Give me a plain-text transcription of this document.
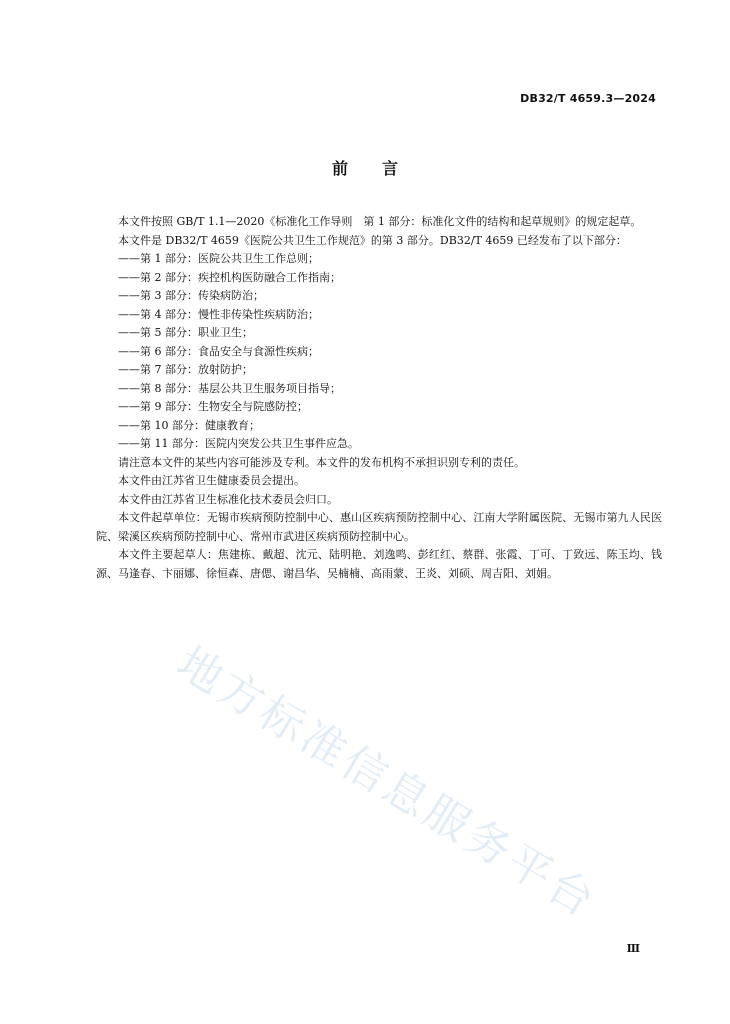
DB32/T 4659.3—2024
前言

本文件按照 GB/T 1.1—2020《标准化工作导则　第 1 部分：标准化文件的结构和起草规则》的规定起草。

本文件是 DB32/T 4659《医院公共卫生工作规范》的第 3 部分。DB32/T 4659 已经发布了以下部分：

——第 1 部分：医院公共卫生工作总则；
——第 2 部分：疾控机构医防融合工作指南；
——第 3 部分：传染病防治；
——第 4 部分：慢性非传染性疾病防治；
——第 5 部分：职业卫生；
——第 6 部分：食品安全与食源性疾病；
——第 7 部分：放射防护；
——第 8 部分：基层公共卫生服务项目指导；
——第 9 部分：生物安全与院感防控；
——第 10 部分：健康教育；
——第 11 部分：医院内突发公共卫生事件应急。

请注意本文件的某些内容可能涉及专利。本文件的发布机构不承担识别专利的责任。

本文件由江苏省卫生健康委员会提出。

本文件由江苏省卫生标准化技术委员会归口。

本文件起草单位：无锡市疾病预防控制中心、惠山区疾病预防控制中心、江南大学附属医院、无锡市第九人民医院、梁溪区疾病预防控制中心、常州市武进区疾病预防控制中心。

本文件主要起草人：焦建栋、戴超、沈元、陆明艳、刘逸鸣、彭红红、蔡群、张霞、丁可、丁致远、陈玉均、钱源、马逢春、卞丽娜、徐恒森、唐偲、谢昌华、吴楠楠、高雨蒙、王炎、刘硕、周吉阳、刘娟。

地方标准信息服务平台
Ⅲ
